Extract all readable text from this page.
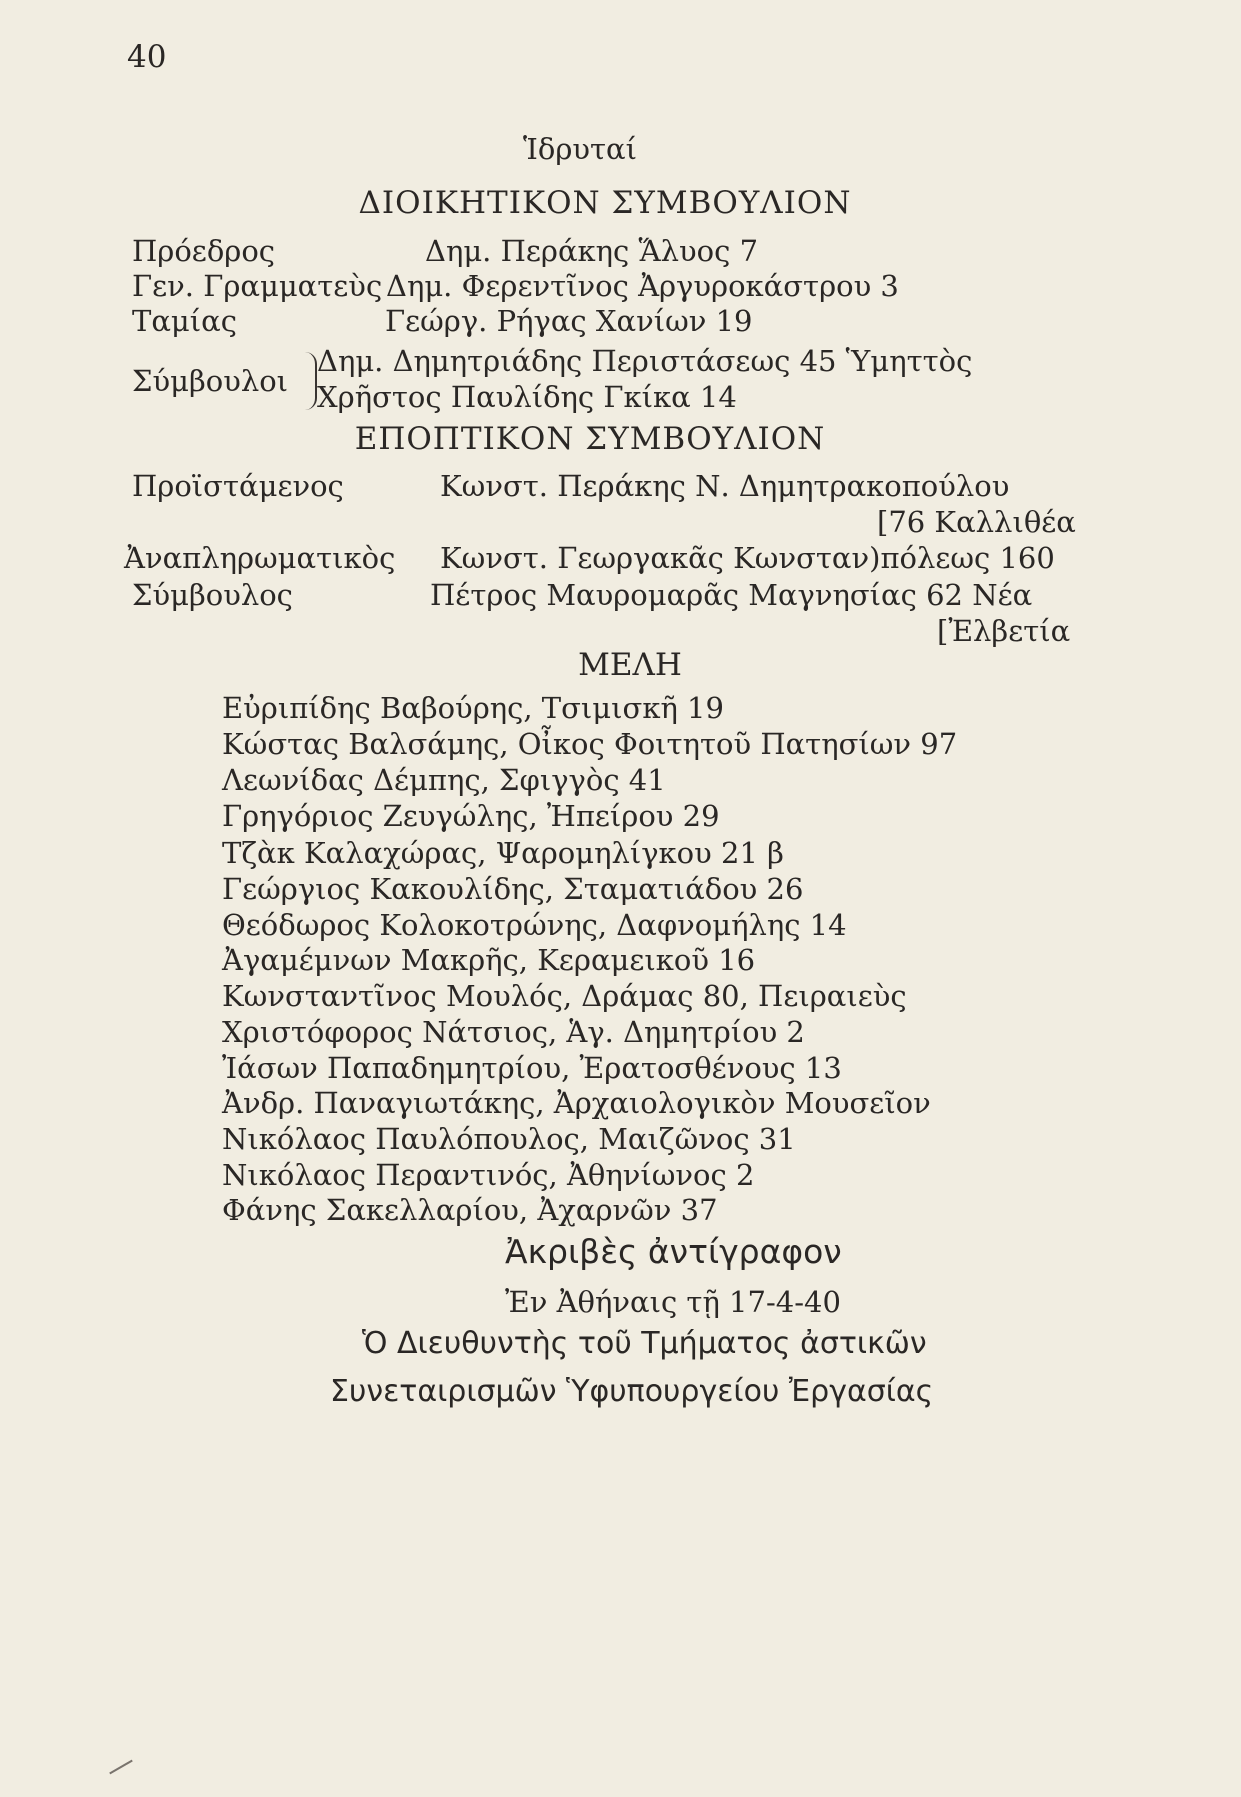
40
Ἱδρυταί
ΔΙΟΙΚΗΤΙΚΟΝ ΣΥΜΒΟΥΛΙΟΝ
Πρόεδρος	Δημ. Περάκης Ἅλυος 7
Γεν. Γραμματεὺς Δημ. Φερεντῖνος Ἀργυροκάστρου 3
Ταμίας	Γεώργ. Ρήγας Χανίων 19
Σύμβουλοι
Δημ. Δημητριάδης Περιστάσεως 45 Ὑμηττὸς
Χρῆστος Παυλίδης Γκίκα 14
ΕΠΟΠΤΙΚΟΝ ΣΥΜΒΟΥΛΙΟΝ
Προϊστάμενος	Κωνστ. Περάκης Ν. Δημητρακοπούλου
[76 Καλλιθέα
Ἀναπληρωματικὸς Κωνστ. Γεωργακᾶς Κωνσταν)πόλεως 160
Σύμβουλος	Πέτρος Μαυρομαρᾶς Μαγνησίας 62 Νέα
[Ἐλβετία
ΜΕΛΗ
Εὐριπίδης Βαβούρης, Τσιμισκῆ 19
Κώστας Βαλσάμης, Οἶκος Φοιτητοῦ Πατησίων 97
Λεωνίδας Δέμπης, Σφιγγὸς 41
Γρηγόριος Ζευγώλης, Ἠπείρου 29
Τζὰκ Καλαχώρας, Ψαρομηλίγκου 21 β
Γεώργιος Κακουλίδης, Σταματιάδου 26
Θεόδωρος Κολοκοτρώνης, Δαφνομήλης 14
Ἀγαμέμνων Μακρῆς, Κεραμεικοῦ 16
Κωνσταντῖνος Μουλός, Δράμας 80, Πειραιεὺς
Χριστόφορος Νάτσιος, Ἁγ. Δημητρίου 2
Ἰάσων Παπαδημητρίου, Ἐρατοσθένους 13
Ἀνδρ. Παναγιωτάκης, Ἀρχαιολογικὸν Μουσεῖον
Νικόλαος Παυλόπουλος, Μαιζῶνος 31
Νικόλαος Περαντινός, Ἀθηνίωνος 2
Φάνης Σακελλαρίου, Ἀχαρνῶν 37
Ἀκριβὲς ἀντίγραφον
Ἐν Ἀθήναις τῇ 17-4-40
Ὁ Διευθυντὴς τοῦ Τμήματος ἀστικῶν
Συνεταιρισμῶν Ὑφυπουργείου Ἐργασίας
